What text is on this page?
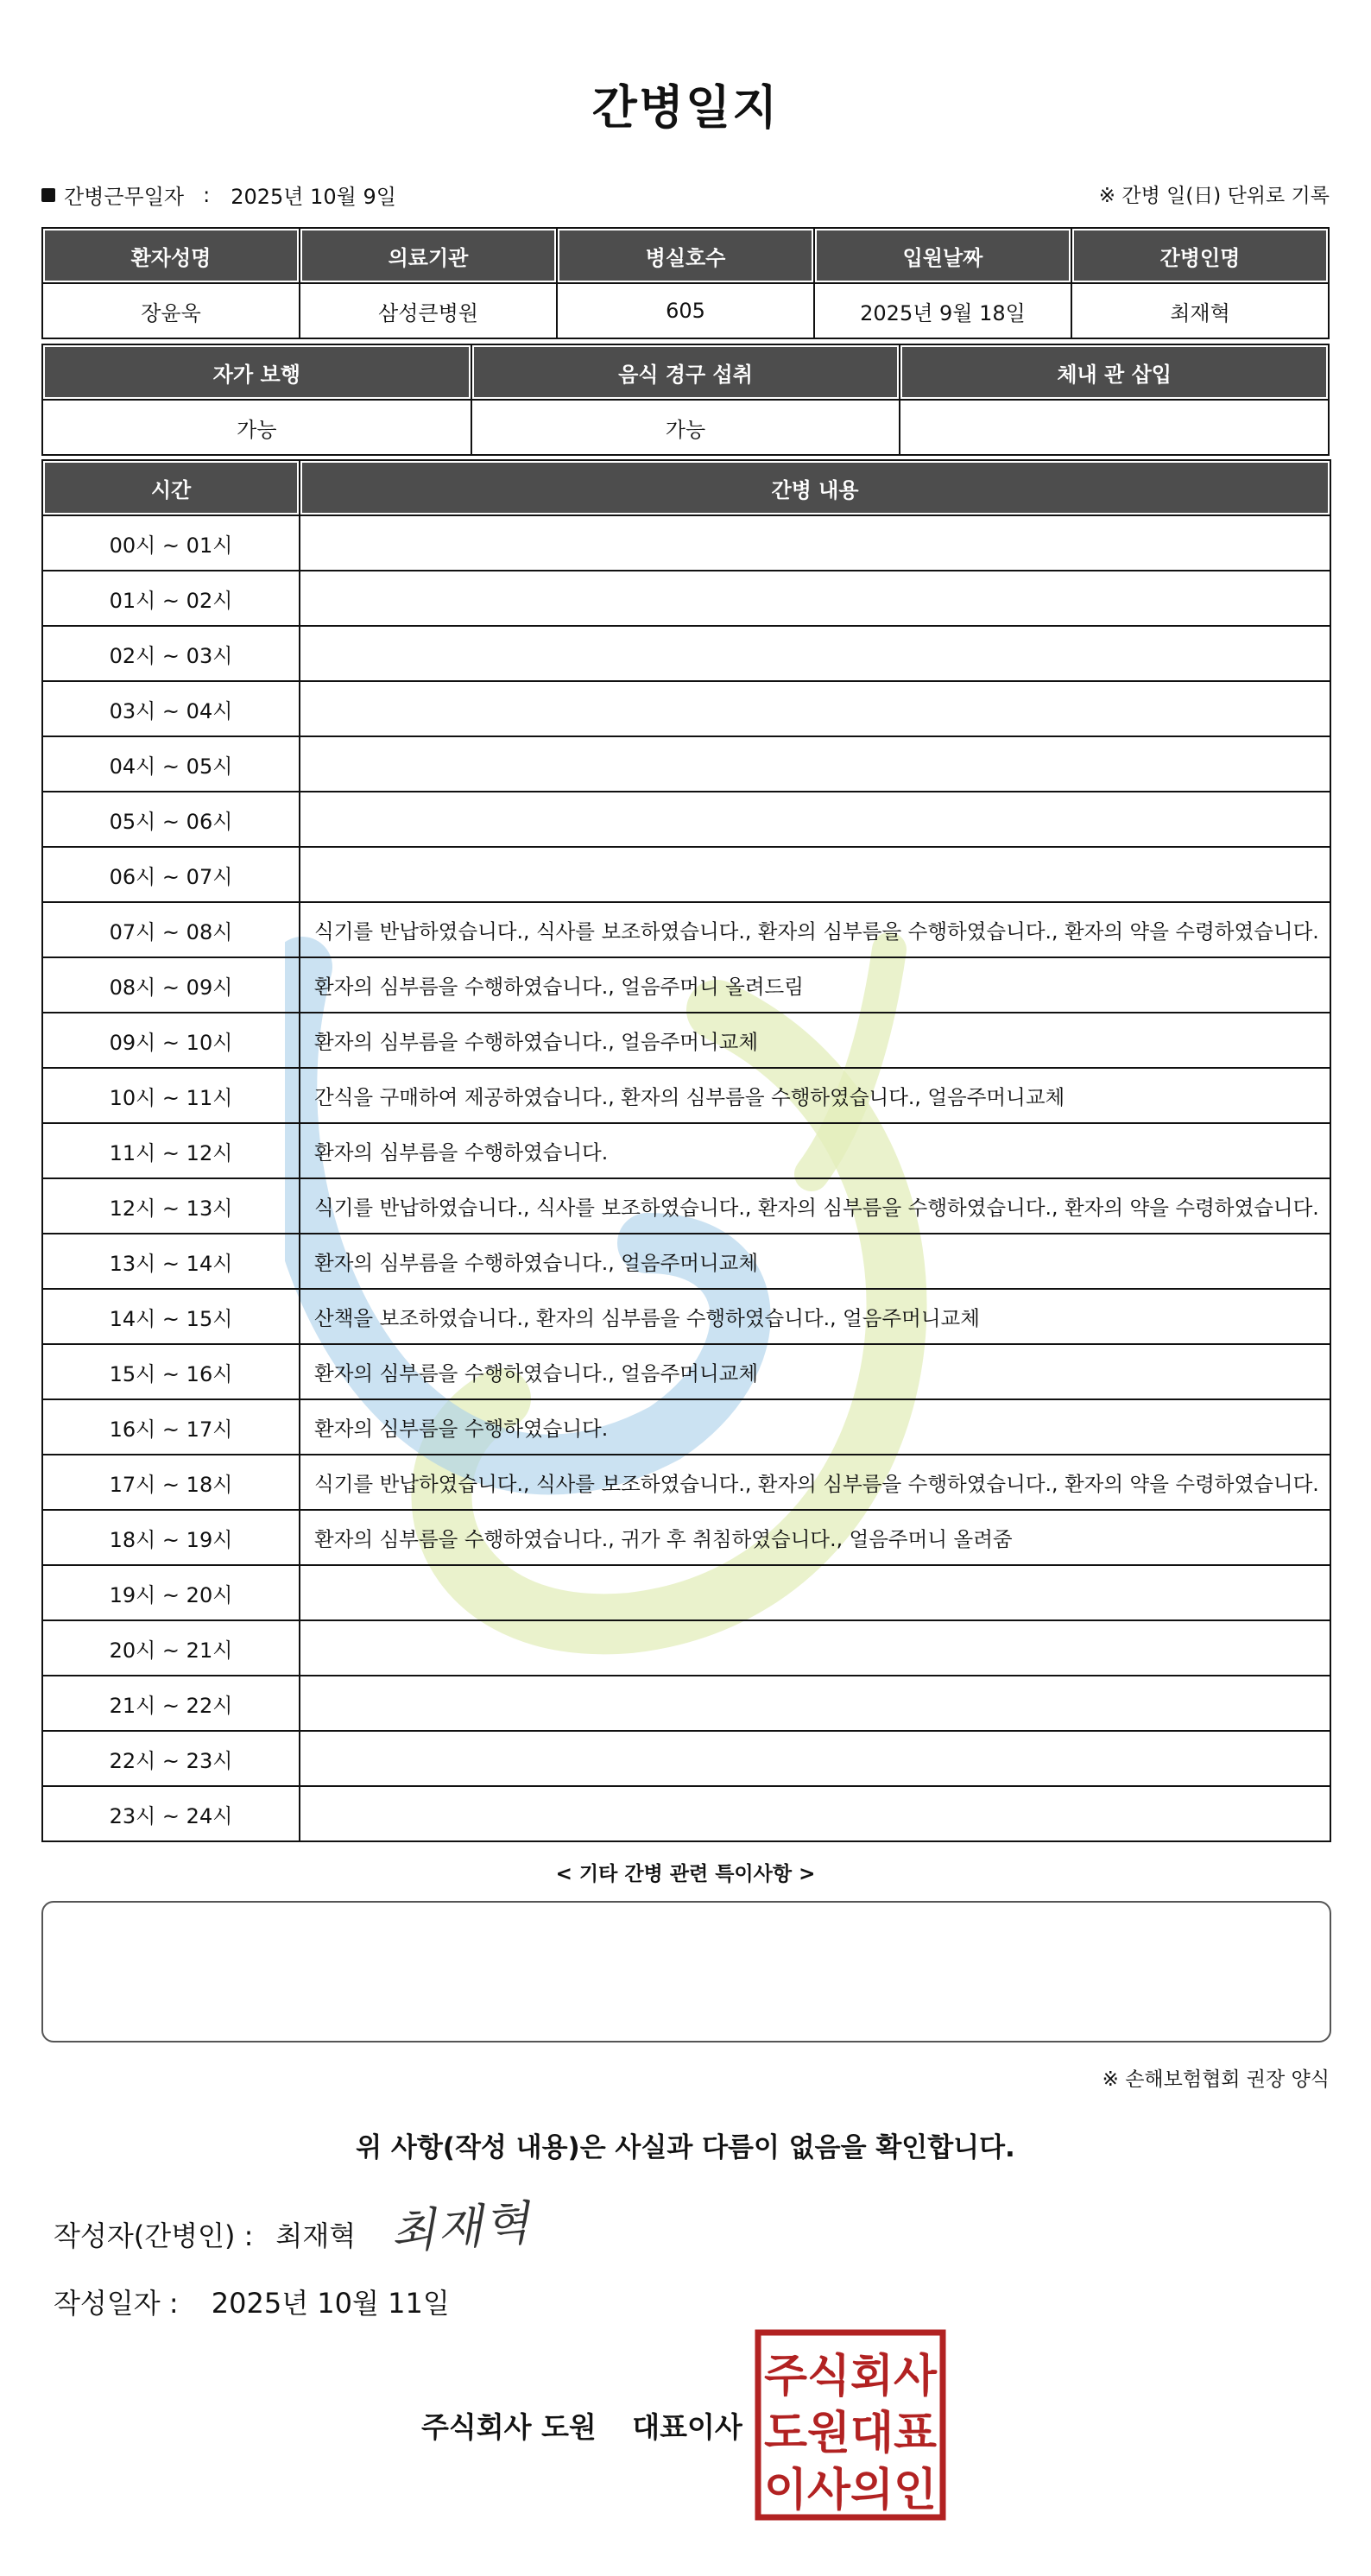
간병일지
간병근무일자 : 2025년 10월 9일	※ 간병 일(日) 단위로 기록
환자성명	의료기관	병실호수	입원날짜	간병인명
장윤욱	삼성큰병원	605	2025년 9월 18일	최재혁
자가 보행	음식 경구 섭취	체내 관 삽입
가능	가능	
시간	간병 내용
00시 ~ 01시	
01시 ~ 02시	
02시 ~ 03시	
03시 ~ 04시	
04시 ~ 05시	
05시 ~ 06시	
06시 ~ 07시	
07시 ~ 08시	식기를 반납하였습니다., 식사를 보조하였습니다., 환자의 심부름을 수행하였습니다., 환자의 약을 수령하였습니다.
08시 ~ 09시	환자의 심부름을 수행하였습니다., 얼음주머니 올려드림
09시 ~ 10시	환자의 심부름을 수행하였습니다., 얼음주머니교체
10시 ~ 11시	간식을 구매하여 제공하였습니다., 환자의 심부름을 수행하였습니다., 얼음주머니교체
11시 ~ 12시	환자의 심부름을 수행하였습니다.
12시 ~ 13시	식기를 반납하였습니다., 식사를 보조하였습니다., 환자의 심부름을 수행하였습니다., 환자의 약을 수령하였습니다.
13시 ~ 14시	환자의 심부름을 수행하였습니다., 얼음주머니교체
14시 ~ 15시	산책을 보조하였습니다., 환자의 심부름을 수행하였습니다., 얼음주머니교체
15시 ~ 16시	환자의 심부름을 수행하였습니다., 얼음주머니교체
16시 ~ 17시	환자의 심부름을 수행하였습니다.
17시 ~ 18시	식기를 반납하였습니다., 식사를 보조하였습니다., 환자의 심부름을 수행하였습니다., 환자의 약을 수령하였습니다.
18시 ~ 19시	환자의 심부름을 수행하였습니다., 귀가 후 취침하였습니다., 얼음주머니 올려줌
19시 ~ 20시	
20시 ~ 21시	
21시 ~ 22시	
22시 ~ 23시	
23시 ~ 24시	
< 기타 간병 관련 특이사항 >
※ 손해보험협회 권장 양식
위 사항(작성 내용)은 사실과 다름이 없음을 확인합니다.
작성자(간병인) : 최재혁 최재혁
작성일자 : 2025년 10월 11일
주식회사 도원 대표이사
주식회사
도원대표
이사의인
